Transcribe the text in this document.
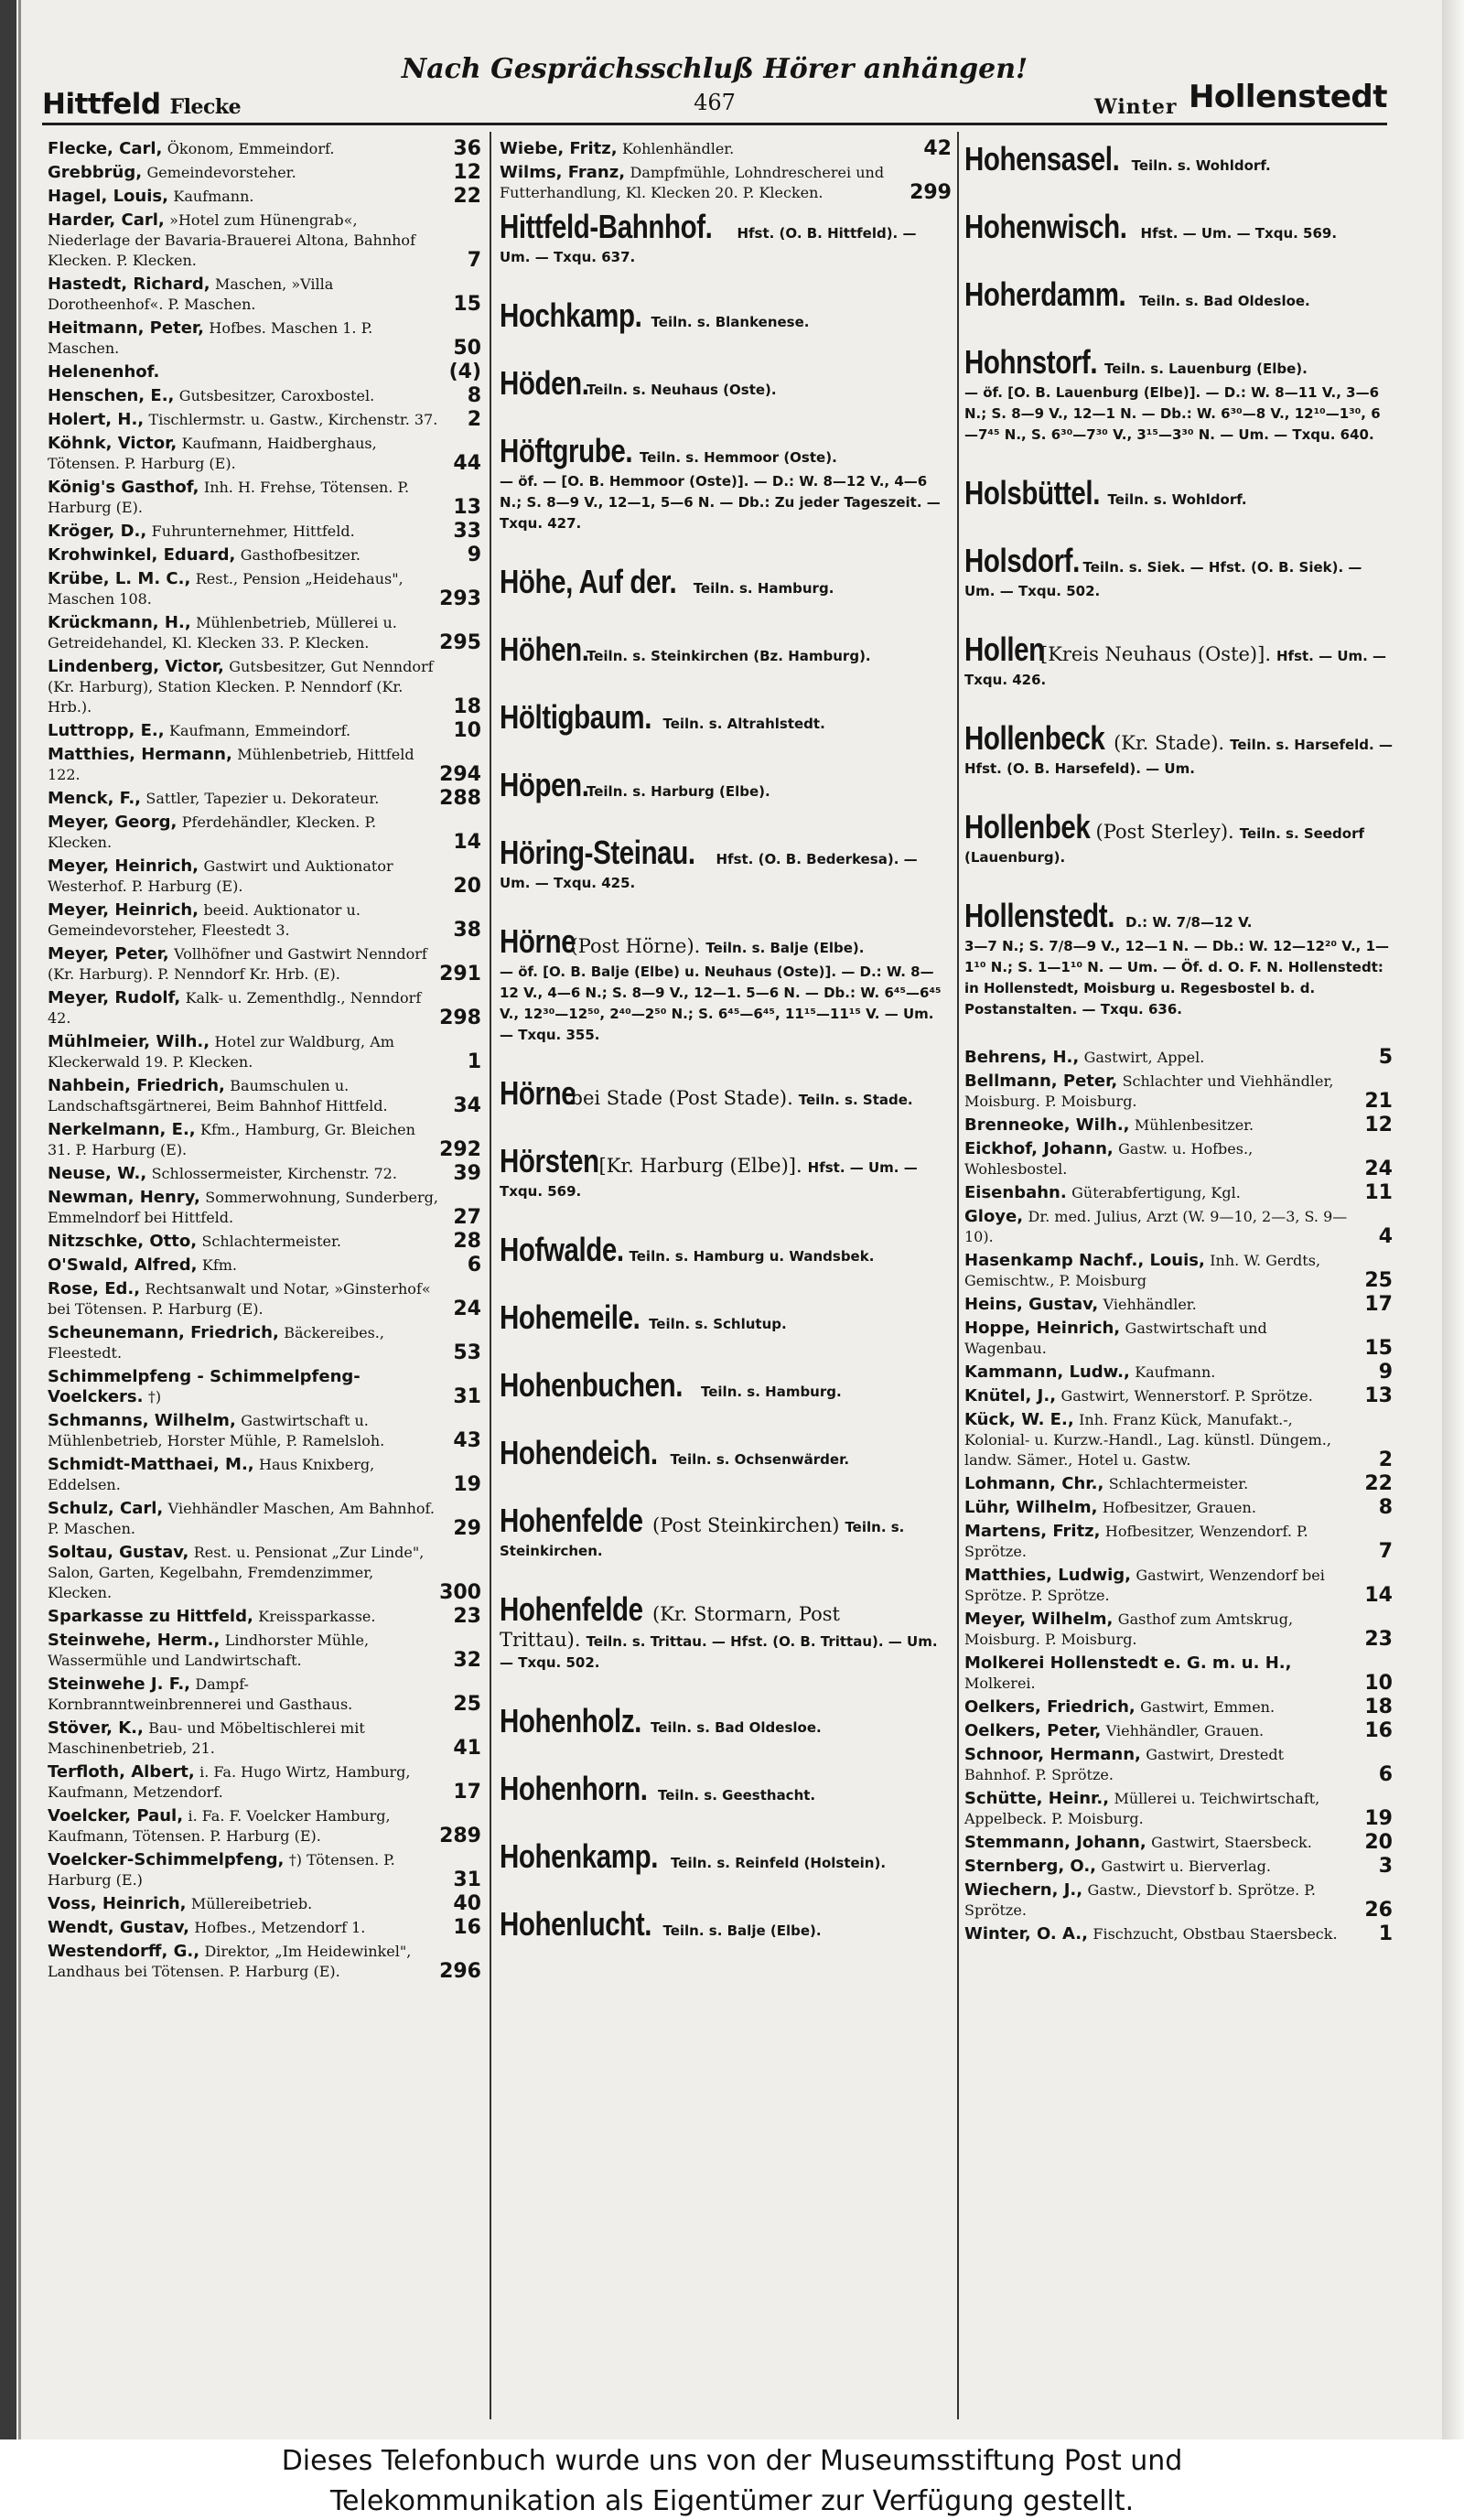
Nach Gesprächsschluß Hörer anhängen!
Hittfeld Flecke	467	Winter Hollenstedt
Flecke, Carl, Ökonom, Emmeindorf.	36
Grebbrüg, Gemeindevorsteher.	12
Hagel, Louis, Kaufmann.	22
Harder, Carl, »Hotel zum Hünengrab«, Niederlage der Bavaria-Brauerei Altona, Bahnhof Klecken. P. Klecken.	7
Hastedt, Richard, Maschen, »Villa Dorotheenhof«. P. Maschen.	15
Heitmann, Peter, Hofbes. Maschen 1. P. Maschen.	50
Helenenhof.	(4)
Henschen, E., Gutsbesitzer, Caroxbostel.	8
Holert, H., Tischlermstr. u. Gastw., Kirchenstr. 37. 2
Köhnk, Victor, Kaufmann, Haidberghaus, Tötensen. P. Harburg (E).	44
König's Gasthof, Inh. H. Frehse, Tötensen. P. Harburg (E).	13
Kröger, D., Fuhrunternehmer, Hittfeld.	33
Krohwinkel, Eduard, Gasthofbesitzer.	9
Krübe, L. M. C., Rest., Pension „Heidehaus", Maschen 108.	293
Krückmann, H., Mühlenbetrieb, Müllerei u. Getreidehandel, Kl. Klecken 33. P. Klecken.	295
Lindenberg, Victor, Gutsbesitzer, Gut Nenndorf (Kr. Harburg), Station Klecken. P. Nenndorf (Kr. Hrb.).	18
Luttropp, E., Kaufmann, Emmeindorf.	10
Matthies, Hermann, Mühlenbetrieb, Hittfeld 122.	294
Menck, F., Sattler, Tapezier u. Dekorateur.	288
Meyer, Georg, Pferdehändler, Klecken. P. Klecken.	14
Meyer, Heinrich, Gastwirt und Auktionator Westerhof. P. Harburg (E).	20
Meyer, Heinrich, beeid. Auktionator u. Gemeindevorsteher, Fleestedt 3.	38
Meyer, Peter, Vollhöfner und Gastwirt Nenndorf (Kr. Harburg). P. Nenndorf Kr. Hrb. (E).	291
Meyer, Rudolf, Kalk- u. Zementhdlg., Nenndorf 42.	298
Mühlmeier, Wilh., Hotel zur Waldburg, Am Kleckerwald 19. P. Klecken.	1
Nahbein, Friedrich, Baumschulen u. Landschaftsgärtnerei, Beim Bahnhof Hittfeld.	34
Nerkelmann, E., Kfm., Hamburg, Gr. Bleichen 31. P. Harburg (E).	292
Neuse, W., Schlossermeister, Kirchenstr. 72.	39
Newman, Henry, Sommerwohnung, Sunderberg, Emmelndorf bei Hittfeld.	27
Nitzschke, Otto, Schlachtermeister.	28
O'Swald, Alfred, Kfm.	6
Rose, Ed., Rechtsanwalt und Notar, »Ginsterhof« bei Tötensen. P. Harburg (E).	24
Scheunemann, Friedrich, Bäckereibes., Fleestedt.	53
Schimmelpfeng - Schimmelpfeng-Voelckers. †)	31
Schmanns, Wilhelm, Gastwirtschaft u. Mühlenbetrieb, Horster Mühle, P. Ramelsloh.	43
Schmidt-Matthaei, M., Haus Knixberg, Eddelsen.	19
Schulz, Carl, Viehhändler Maschen, Am Bahnhof. P. Maschen.	29
Soltau, Gustav, Rest. u. Pensionat „Zur Linde", Salon, Garten, Kegelbahn, Fremdenzimmer, Klecken.	300
Sparkasse zu Hittfeld, Kreissparkasse.	23
Steinwehe, Herm., Lindhorster Mühle, Wassermühle und Landwirtschaft.	32
Steinwehe J. F., Dampf-Kornbranntweinbrennerei und Gasthaus.	25
Stöver, K., Bau- und Möbeltischlerei mit Maschinenbetrieb, 21.	41
Terfloth, Albert, i. Fa. Hugo Wirtz, Hamburg, Kaufmann, Metzendorf.	17
Voelcker, Paul, i. Fa. F. Voelcker Hamburg, Kaufmann, Tötensen. P. Harburg (E).	289
Voelcker-Schimmelpfeng, †) Tötensen. P. Harburg (E.)	31
Voss, Heinrich, Müllereibetrieb.	40
Wendt, Gustav, Hofbes., Metzendorf 1.	16
Westendorff, G., Direktor, „Im Heidewinkel", Landhaus bei Tötensen. P. Harburg (E).	296
Wiebe, Fritz, Kohlenhändler.	42
Wilms, Franz, Dampfmühle, Lohndrescherei und Futterhandlung, Kl. Klecken 20. P. Klecken.	299
Hittfeld-Bahnhof. Hfst. (O. B. Hittfeld). — Um. — Txqu. 637.
Hochkamp. Teiln. s. Blankenese.
Höden.Teiln. s. Neuhaus (Oste).
Höftgrube. Teiln. s. Hemmoor (Oste).
— öf. — [O. B. Hemmoor (Oste)]. — D.: W. 8—12 V., 4—6 N.; S. 8—9 V., 12—1, 5—6 N. — Db.: Zu jeder Tageszeit. — Txqu. 427.
Höhe, Auf der. Teiln. s. Hamburg.
Höhen.Teiln. s. Steinkirchen (Bz. Hamburg).
Höltigbaum. Teiln. s. Altrahlstedt.
Höpen.Teiln. s. Harburg (Elbe).
Höring-Steinau. Hfst. (O. B. Bederkesa). — Um. — Txqu. 425.
Hörne(Post Hörne). Teiln. s. Balje (Elbe).
— öf. [O. B. Balje (Elbe) u. Neuhaus (Oste)]. — D.: W. 8—12 V., 4—6 N.; S. 8—9 V., 12—1. 5—6 N. — Db.: W. 6⁴⁵—6⁴⁵ V., 12³⁰—12⁵⁰, 2⁴⁰—2⁵⁰ N.; S. 6⁴⁵—6⁴⁵, 11¹⁵—11¹⁵ V. — Um. — Txqu. 355.
Hörnebei Stade (Post Stade). Teiln. s. Stade.
Hörsten[Kr. Harburg (Elbe)]. Hfst. — Um. — Txqu. 569.
Hofwalde. Teiln. s. Hamburg u. Wandsbek.
Hohemeile. Teiln. s. Schlutup.
Hohenbuchen. Teiln. s. Hamburg.
Hohendeich. Teiln. s. Ochsenwärder.
Hohenfelde (Post Steinkirchen) Teiln. s. Steinkirchen.
Hohenfelde (Kr. Stormarn, Post Trittau). Teiln. s. Trittau. — Hfst. (O. B. Trittau). — Um. — Txqu. 502.
Hohenholz. Teiln. s. Bad Oldesloe.
Hohenhorn. Teiln. s. Geesthacht.
Hohenkamp. Teiln. s. Reinfeld (Holstein).
Hohenlucht. Teiln. s. Balje (Elbe).
Hohensasel. Teiln. s. Wohldorf.
Hohenwisch. Hfst. — Um. — Txqu. 569.
Hoherdamm. Teiln. s. Bad Oldesloe.
Hohnstorf. Teiln. s. Lauenburg (Elbe).
— öf. [O. B. Lauenburg (Elbe)]. — D.: W. 8—11 V., 3—6 N.; S. 8—9 V., 12—1 N. — Db.: W. 6³⁰—8 V., 12¹⁰—1³⁰, 6—7⁴⁵ N., S. 6³⁰—7³⁰ V., 3¹⁵—3³⁰ N. — Um. — Txqu. 640.
Holsbüttel. Teiln. s. Wohldorf.
Holsdorf. Teiln. s. Siek. — Hfst. (O. B. Siek). — Um. — Txqu. 502.
Hollen[Kreis Neuhaus (Oste)]. Hfst. — Um. — Txqu. 426.
Hollenbeck (Kr. Stade). Teiln. s. Harsefeld. — Hfst. (O. B. Harsefeld). — Um.
Hollenbek (Post Sterley). Teiln. s. Seedorf (Lauenburg).
Hollenstedt. D.: W. 7/8—12 V.
3—7 N.; S. 7/8—9 V., 12—1 N. — Db.: W. 12—12²⁰ V., 1—1¹⁰ N.; S. 1—1¹⁰ N. — Um. — Öf. d. O. F. N. Hollenstedt: in Hollenstedt, Moisburg u. Regesbostel b. d. Postanstalten. — Txqu. 636.
Behrens, H., Gastwirt, Appel.	5
Bellmann, Peter, Schlachter und Viehhändler, Moisburg. P. Moisburg.	21
Brenneoke, Wilh., Mühlenbesitzer.	12
Eickhof, Johann, Gastw. u. Hofbes., Wohlesbostel.	24
Eisenbahn. Güterabfertigung, Kgl.	11
Gloye, Dr. med. Julius, Arzt (W. 9—10, 2—3, S. 9—10).	4
Hasenkamp Nachf., Louis, Inh. W. Gerdts, Gemischtw., P. Moisburg	25
Heins, Gustav, Viehhändler.	17
Hoppe, Heinrich, Gastwirtschaft und Wagenbau.	15
Kammann, Ludw., Kaufmann.	9
Knütel, J., Gastwirt, Wennerstorf. P. Sprötze.	13
Kück, W. E., Inh. Franz Kück, Manufakt.-, Kolonial- u. Kurzw.-Handl., Lag. künstl. Düngem., landw. Sämer., Hotel u. Gastw.	2
Lohmann, Chr., Schlachtermeister.	22
Lühr, Wilhelm, Hofbesitzer, Grauen.	8
Martens, Fritz, Hofbesitzer, Wenzendorf. P. Sprötze.	7
Matthies, Ludwig, Gastwirt, Wenzendorf bei Sprötze. P. Sprötze.	14
Meyer, Wilhelm, Gasthof zum Amtskrug, Moisburg. P. Moisburg.	23
Molkerei Hollenstedt e. G. m. u. H., Molkerei.	10
Oelkers, Friedrich, Gastwirt, Emmen.	18
Oelkers, Peter, Viehhändler, Grauen.	16
Schnoor, Hermann, Gastwirt, Drestedt Bahnhof. P. Sprötze.	6
Schütte, Heinr., Müllerei u. Teichwirtschaft, Appelbeck. P. Moisburg.	19
Stemmann, Johann, Gastwirt, Staersbeck.	20
Sternberg, O., Gastwirt u. Bierverlag.	3
Wiechern, J., Gastw., Dievstorf b. Sprötze. P. Sprötze.	26
Winter, O. A., Fischzucht, Obstbau Staersbeck. 1
Dieses Telefonbuch wurde uns von der Museumsstiftung Post und
Telekommunikation als Eigentümer zur Verfügung gestellt.
